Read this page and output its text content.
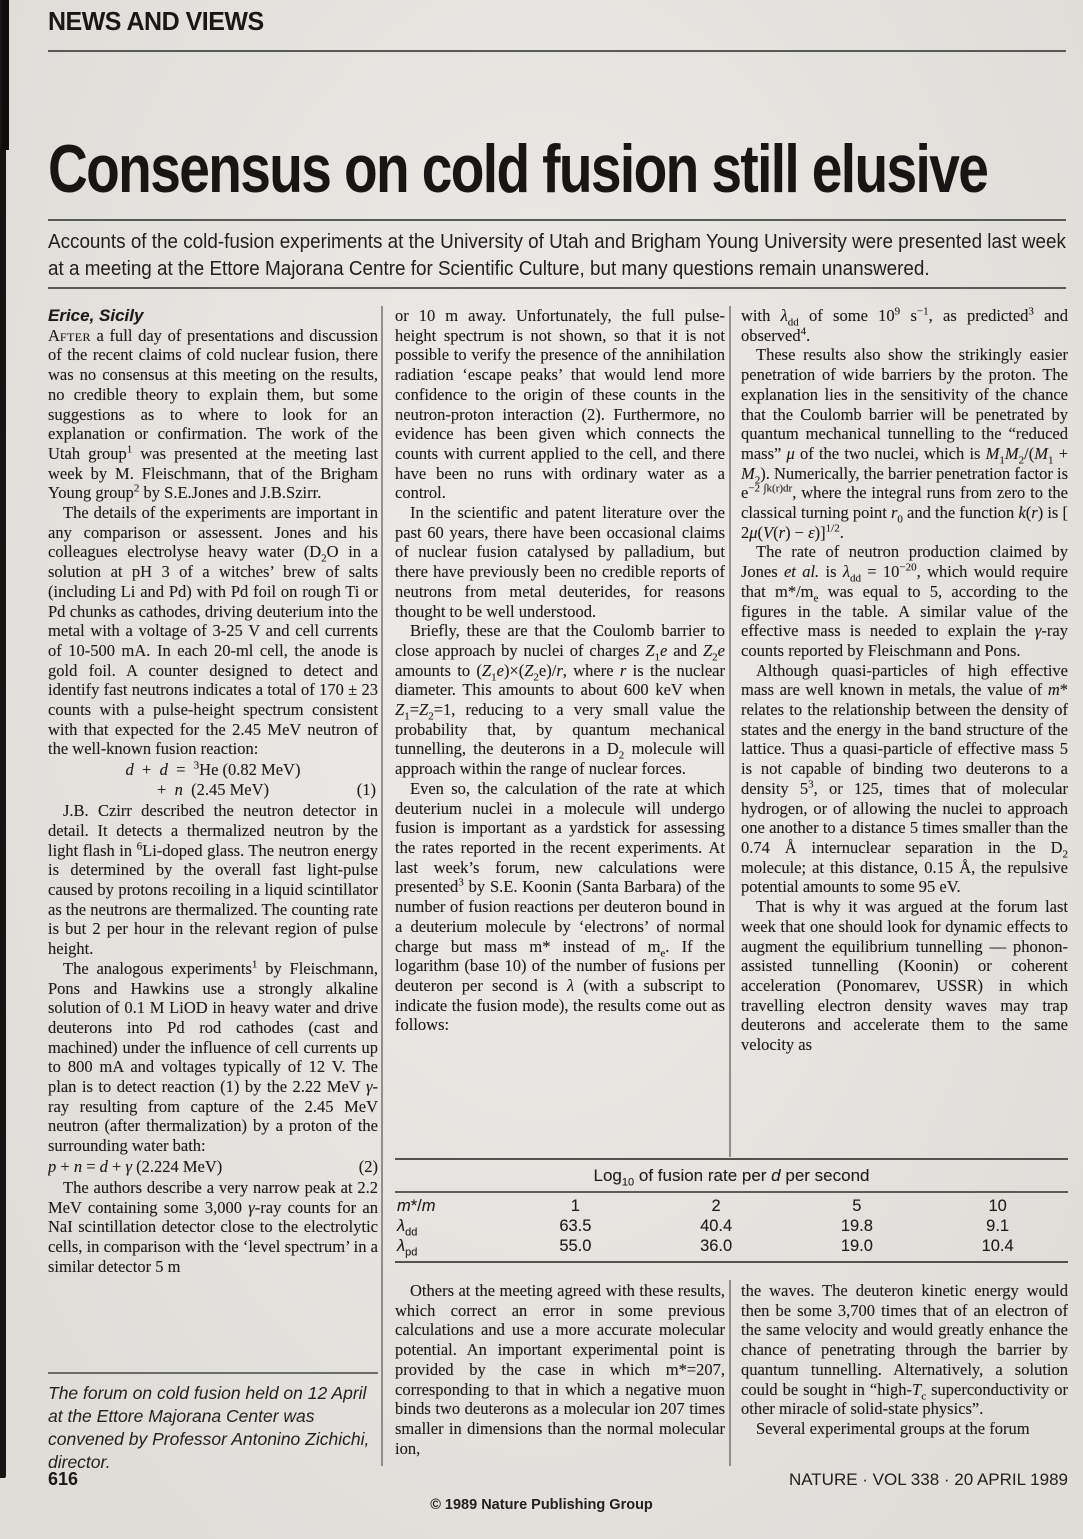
NEWS AND VIEWS
Consensus on cold fusion still elusive
Accounts of the cold-fusion experiments at the University of Utah and Brigham Young University were presented last week at a meeting at the Ettore Majorana Centre for Scientific Culture, but many questions remain unanswered.

Erice, Sicily

After a full day of presentations and discussion of the recent claims of cold nuclear fusion, there was no consensus at this meeting on the results, no credible theory to explain them, but some suggestions as to where to look for an explanation or confirmation. The work of the Utah group$^1$ was presented at the meeting last week by M. Fleischmann, that of the Brigham Young group$^2$ by S.E.Jones and J.B.Szirr.

The details of the experiments are important in any comparison or assessent. Jones and his colleagues electrolyse heavy water ($D_2O$ in a solution at pH 3 of a witches’ brew of salts (including Li and Pd) with Pd foil on rough Ti or Pd chunks as cathodes, driving deuterium into the metal with a voltage of 3-25 V and cell currents of 10-500 mA. In each 20-ml cell, the anode is gold foil. A counter designed to detect and identify fast neutrons indicates a total of 170 ± 23 counts with a pulse-height spectrum consistent with that expected for the 2.45 MeV neutron of the well-known fusion reaction:

d  +  d  =  $^3$He (0.82 MeV)
+  n  (2.45 MeV)	(1)

J.B. Czirr described the neutron detector in detail. It detects a thermalized neutron by the light flash in $^6$Li-doped glass. The neutron energy is determined by the overall fast light-pulse caused by protons recoiling in a liquid scintillator as the neutrons are thermalized. The counting rate is but 2 per hour in the relevant region of pulse height.

The analogous experiments$^1$ by Fleischmann, Pons and Hawkins use a strongly alkaline solution of 0.1 M LiOD in heavy water and drive deuterons into Pd rod cathodes (cast and machined) under the influence of cell currents up to 800 mA and voltages typically of 12 V. The plan is to detect reaction (1) by the 2.22 MeV γ-ray resulting from capture of the 2.45 MeV neutron (after thermalization) by a proton of the surrounding water bath:

p + n = d + γ (2.224 MeV)	(2)

The authors describe a very narrow peak at 2.2 MeV containing some 3,000 γ-ray counts for an NaI scintillation detector close to the electrolytic cells, in comparison with the ‘level spectrum’ in a similar detector 5 m

or 10 m away. Unfortunately, the full pulse-height spectrum is not shown, so that it is not possible to verify the presence of the annihilation radiation ‘escape peaks’ that would lend more confidence to the origin of these counts in the neutron-proton interaction (2). Furthermore, no evidence has been given which connects the counts with current applied to the cell, and there have been no runs with ordinary water as a control.

In the scientific and patent literature over the past 60 years, there have been occasional claims of nuclear fusion catalysed by palladium, but there have previously been no credible reports of neutrons from metal deuterides, for reasons thought to be well understood.

Briefly, these are that the Coulomb barrier to close approach by nuclei of charges $Z_1e$ and $Z_2e$ amounts to $(Z_1e)\times(Z_2e)/r$, where r is the nuclear diameter. This amounts to about 600 keV when $Z_1=Z_2=1$, reducing to a very small value the probability that, by quantum mechanical tunnelling, the deuterons in a $D_2$ molecule will approach within the range of nuclear forces.

Even so, the calculation of the rate at which deuterium nuclei in a molecule will undergo fusion is important as a yardstick for assessing the rates reported in the recent experiments. At last week’s forum, new calculations were presented$^3$ by S.E. Koonin (Santa Barbara) of the number of fusion reactions per deuteron bound in a deuterium molecule by ‘electrons’ of normal charge but mass m* instead of $m_e$. If the logarithm (base 10) of the number of fusions per deuteron per second is λ (with a subscript to indicate the fusion mode), the results come out as follows:

with $\lambda_{dd}$ of some $10^9$ $s^{-1}$, as predicted$^3$ and observed$^4$.

These results also show the strikingly easier penetration of wide barriers by the proton. The explanation lies in the sensitivity of the chance that the Coulomb barrier will be penetrated by quantum mechanical tunnelling to the “reduced mass” μ of the two nuclei, which is $M_1M_2/(M_1 + M_2)$. Numerically, the barrier penetration factor is $e^{-2 \int k(r)dr}$, where the integral runs from zero to the classical turning point $r_0$ and the function k(r) is [ 2μ(V(r) − ε)]$^{1/2}$.

The rate of neutron production claimed by Jones et al. is $\lambda_{dd} = 10^{-20}$, which would require that $m*/m_e$ was equal to 5, according to the figures in the table. A similar value of the effective mass is needed to explain the γ-ray counts reported by Fleischmann and Pons.

Although quasi-particles of high effective mass are well known in metals, the value of m* relates to the relationship between the density of states and the energy in the band structure of the lattice. Thus a quasi-particle of effective mass 5 is not capable of binding two deuterons to a density $5^3$, or 125, times that of molecular hydrogen, or of allowing the nuclei to approach one another to a distance 5 times smaller than the 0.74 Å internuclear separation in the $D_2$ molecule; at this distance, 0.15 Å, the repulsive potential amounts to some 95 eV.

That is why it was argued at the forum last week that one should look for dynamic effects to augment the equilibrium tunnelling — phonon-assisted tunnelling (Koonin) or coherent acceleration (Ponomarev, USSR) in which travelling electron density waves may trap deuterons and accelerate them to the same velocity as

Log$_{10}$ of fusion rate per d per second
m*/m	1	2	5	10
$\lambda_{dd}$	63.5	40.4	19.8	9.1
$\lambda_{pd}$	55.0	36.0	19.0	10.4

Others at the meeting agreed with these results, which correct an error in some previous calculations and use a more accurate molecular potential. An important experimental point is provided by the case in which m*=207, corresponding to that in which a negative muon binds two deuterons as a molecular ion 207 times smaller in dimensions than the normal molecular ion,

the waves. The deuteron kinetic energy would then be some 3,700 times that of an electron of the same velocity and would greatly enhance the chance of penetrating through the barrier by quantum tunnelling. Alternatively, a solution could be sought in “$high-T_c$ superconductivity or other miracle of solid-state physics”.

Several experimental groups at the forum

The forum on cold fusion held on 12 April at the Ettore Majorana Center was convened by Professor Antonino Zichichi, director.
616	NATURE · VOL 338 · 20 APRIL 1989
© 1989 Nature Publishing Group
